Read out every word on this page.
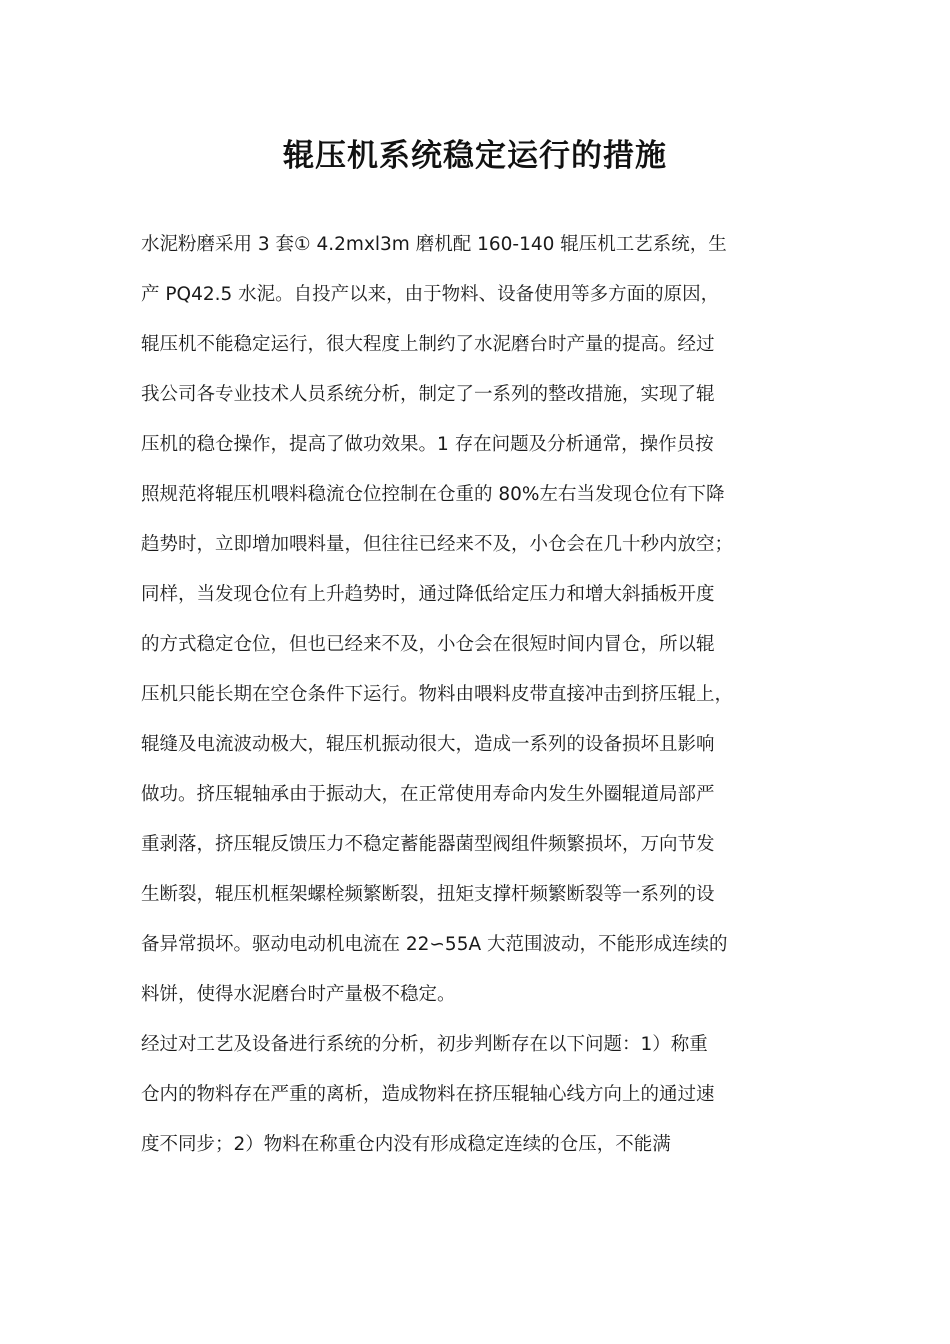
辊压机系统稳定运行的措施
水泥粉磨采用 3 套① 4.2mxl3m 磨机配 160-140 辊压机工艺系统，生
产 PQ42.5 水泥。自投产以来，由于物料、设备使用等多方面的原因，
辊压机不能稳定运行，很大程度上制约了水泥磨台时产量的提高。经过
我公司各专业技术人员系统分析，制定了一系列的整改措施，实现了辊
压机的稳仓操作，提高了做功效果。1 存在问题及分析通常，操作员按
照规范将辊压机喂料稳流仓位控制在仓重的 80%左右当发现仓位有下降
趋势时，立即增加喂料量，但往往已经来不及，小仓会在几十秒内放空；
同样，当发现仓位有上升趋势时，通过降低给定压力和增大斜插板开度
的方式稳定仓位，但也已经来不及，小仓会在很短时间内冒仓，所以辊
压机只能长期在空仓条件下运行。物料由喂料皮带直接冲击到挤压辊上，
辊缝及电流波动极大，辊压机振动很大，造成一系列的设备损坏且影响
做功。挤压辊轴承由于振动大，在正常使用寿命内发生外圈辊道局部严
重剥落，挤压辊反馈压力不稳定蓄能器菌型阀组件频繁损坏，万向节发
生断裂，辊压机框架螺栓频繁断裂，扭矩支撑杆频繁断裂等一系列的设
备异常损坏。驱动电动机电流在 22∽55A 大范围波动，不能形成连续的
料饼，使得水泥磨台时产量极不稳定。
经过对工艺及设备进行系统的分析，初步判断存在以下问题：1）称重
仓内的物料存在严重的离析，造成物料在挤压辊轴心线方向上的通过速
度不同步；2）物料在称重仓内没有形成稳定连续的仓压，不能满
